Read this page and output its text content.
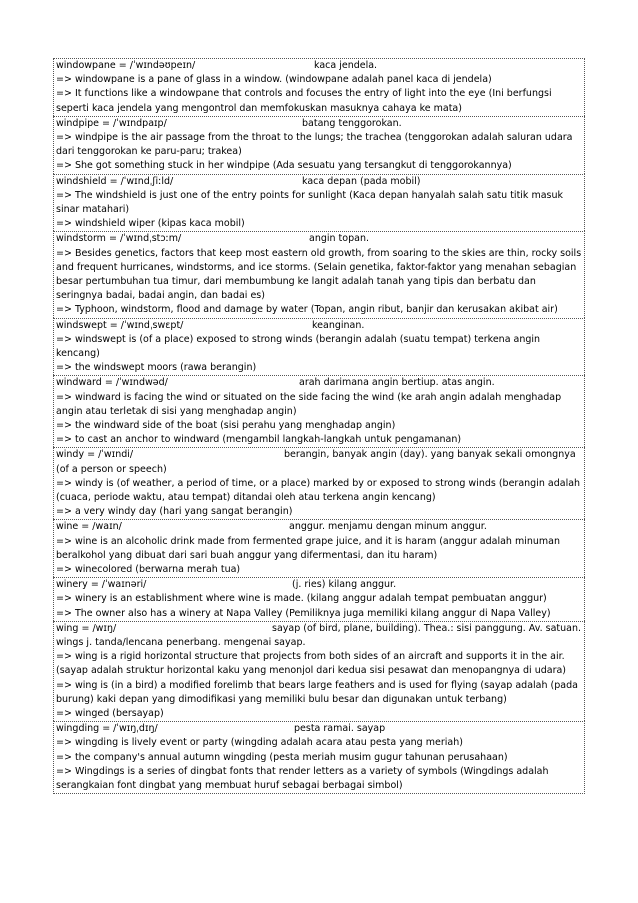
windowpane = /ˈwɪndəʊpeɪn/	kaca jendela.
=> windowpane is a pane of glass in a window. (windowpane adalah panel kaca di jendela)
=> It functions like a windowpane that controls and focuses the entry of light into the eye (Ini berfungsi seperti kaca jendela yang mengontrol dan memfokuskan masuknya cahaya ke mata)
windpipe = /ˈwɪndpaɪp/	batang tenggorokan.
=> windpipe is the air passage from the throat to the lungs; the trachea (tenggorokan adalah saluran udara dari tenggorokan ke paru-paru; trakea)
=> She got something stuck in her windpipe (Ada sesuatu yang tersangkut di tenggorokannya)
windshield = /ˈwɪndˌʃiːld/	kaca depan (pada mobil)
=> The windshield is just one of the entry points for sunlight (Kaca depan hanyalah salah satu titik masuk sinar matahari)
=> windshield wiper (kipas kaca mobil)
windstorm = /ˈwɪndˌstɔːm/	angin topan.
=> Besides genetics, factors that keep most eastern old growth, from soaring to the skies are thin, rocky soils and frequent hurricanes, windstorms, and ice storms. (Selain genetika, faktor-faktor yang menahan sebagian besar pertumbuhan tua timur, dari membumbung ke langit adalah tanah yang tipis dan berbatu dan seringnya badai, badai angin, dan badai es)
=> Typhoon, windstorm, flood and damage by water (Topan, angin ribut, banjir dan kerusakan akibat air)
windswept = /ˈwɪndˌswɛpt/	keanginan.
=> windswept is (of a place) exposed to strong winds (berangin adalah (suatu tempat) terkena angin kencang)
=> the windswept moors (rawa berangin)
windward = /ˈwɪndwəd/	arah darimana angin bertiup. atas angin.
=> windward is facing the wind or situated on the side facing the wind (ke arah angin adalah menghadap angin atau terletak di sisi yang menghadap angin)
=> the windward side of the boat (sisi perahu yang menghadap angin)
=> to cast an anchor to windward (mengambil langkah-langkah untuk pengamanan)
windy = /ˈwɪndi/	berangin, banyak angin (day). yang banyak sekali omongnya
(of a person or speech)
=> windy is (of weather, a period of time, or a place) marked by or exposed to strong winds (berangin adalah (cuaca, periode waktu, atau tempat) ditandai oleh atau terkena angin kencang)
=> a very windy day (hari yang sangat berangin)
wine = /waɪn/	anggur. menjamu dengan minum anggur.
=> wine is an alcoholic drink made from fermented grape juice, and it is haram (anggur adalah minuman beralkohol yang dibuat dari sari buah anggur yang difermentasi, dan itu haram)
=> winecolored (berwarna merah tua)
winery = /ˈwaɪnəri/	(j. ries) kilang anggur.
=> winery is an establishment where wine is made. (kilang anggur adalah tempat pembuatan anggur)
=> The owner also has a winery at Napa Valley (Pemiliknya juga memiliki kilang anggur di Napa Valley)
wing = /wɪŋ/	sayap (of bird, plane, building). Thea.: sisi panggung. Av. satuan.
wings j. tanda/lencana penerbang. mengenai sayap.
=> wing is a rigid horizontal structure that projects from both sides of an aircraft and supports it in the air. (sayap adalah struktur horizontal kaku yang menonjol dari kedua sisi pesawat dan menopangnya di udara)
=> wing is (in a bird) a modified forelimb that bears large feathers and is used for flying (sayap adalah (pada burung) kaki depan yang dimodifikasi yang memiliki bulu besar dan digunakan untuk terbang)
=> winged (bersayap)
wingding = /ˈwɪŋˌdɪŋ/	pesta ramai. sayap
=> wingding is lively event or party (wingding adalah acara atau pesta yang meriah)
=> the company's annual autumn wingding (pesta meriah musim gugur tahunan perusahaan)
=> Wingdings is a series of dingbat fonts that render letters as a variety of symbols (Wingdings adalah serangkaian font dingbat yang membuat huruf sebagai berbagai simbol)
